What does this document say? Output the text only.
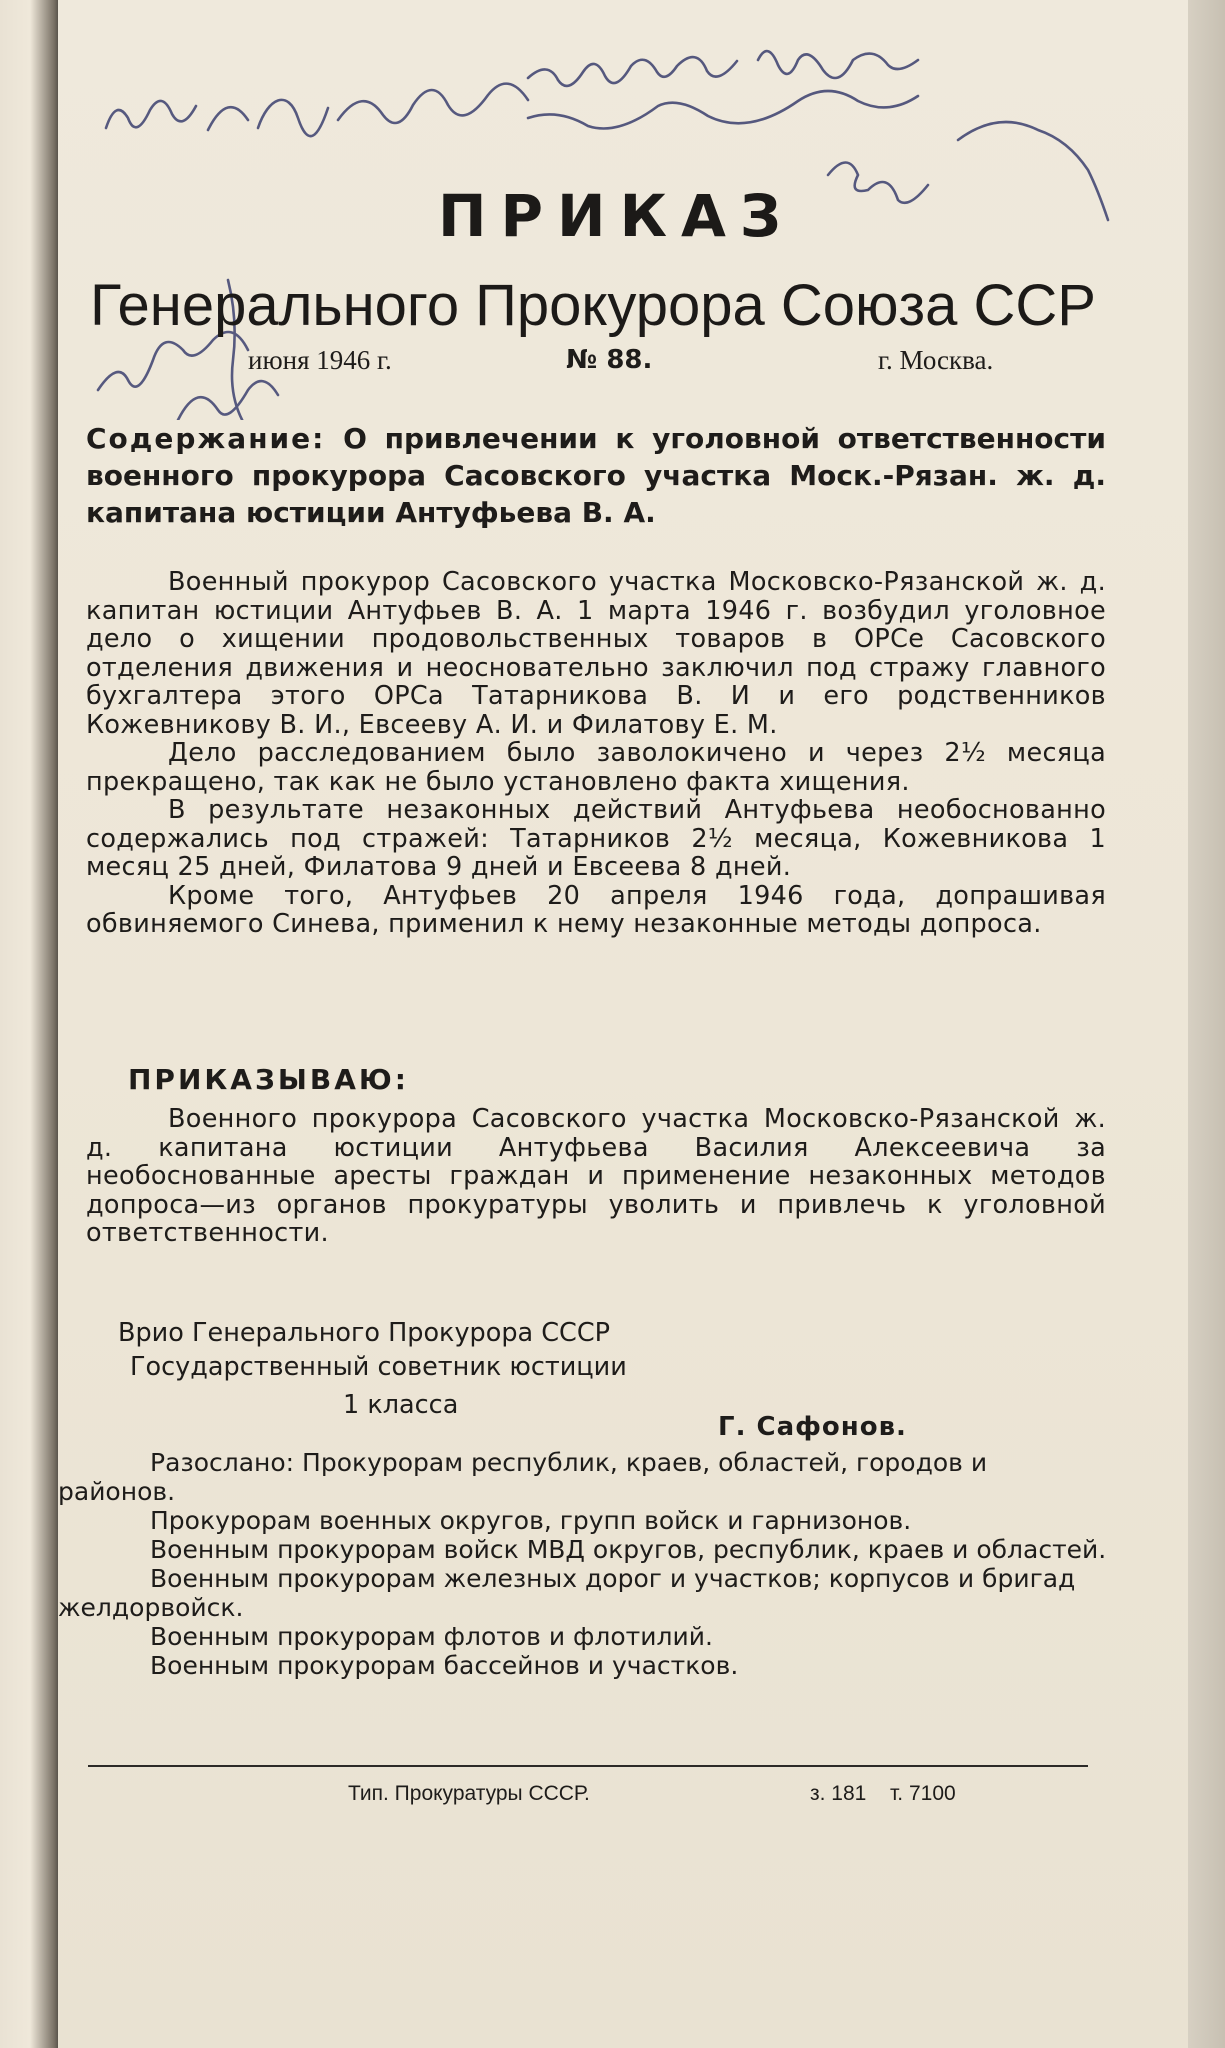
ПРИКАЗ
Генерального Прокурора Союза ССР
июня 1946 г.	№ 88.	г. Москва.
Содержание: О привлечении к уголовной ответственности военного прокурора Сасовского участка Моск.-Рязан. ж. д. капитана юстиции Антуфьева В. А.

Военный прокурор Сасовского участка Московско-Рязанской ж. д. капитан юстиции Антуфьев В. А. 1 марта 1946 г. возбудил уголовное дело о хищении продовольственных товаров в ОРСе Сасовского отделения движения и неосновательно заключил под стражу главного бухгалтера этого ОРСа Татарникова В. И и его родственников Кожевникову В. И., Евсееву А. И. и Филатову Е. М.

Дело расследованием было заволокичено и через 2½ месяца прекращено, так как не было установлено факта хищения.

В результате незаконных действий Антуфьева необоснованно содержались под стражей: Татарников 2½ месяца, Кожевникова 1 месяц 25 дней, Филатова 9 дней и Евсеева 8 дней.

Кроме того, Антуфьев 20 апреля 1946 года, допрашивая обвиняемого Синева, применил к нему незаконные методы допроса.

ПРИКАЗЫВАЮ:
Военного прокурора Сасовского участка Московско-Рязанской ж. д. капитана юстиции Антуфьева Василия Алексеевича за необоснованные аресты граждан и применение незаконных методов допроса—из органов прокуратуры уволить и привлечь к уголовной ответственности.
Врио Генерального Прокурора СССР
Государственный советник юстиции
1 класса
Г. Сафонов.

Разослано: Прокурорам республик, краев, областей, городов и районов.

Прокурорам военных округов, групп войск и гарнизонов.

Военным прокурорам войск МВД округов, республик, краев и областей.

Военным прокурорам железных дорог и участков; корпусов и бригад желдорвойск.

Военным прокурорам флотов и флотилий.

Военным прокурорам бассейнов и участков.

Тип. Прокуратуры СССР.	з. 181 т. 7100
